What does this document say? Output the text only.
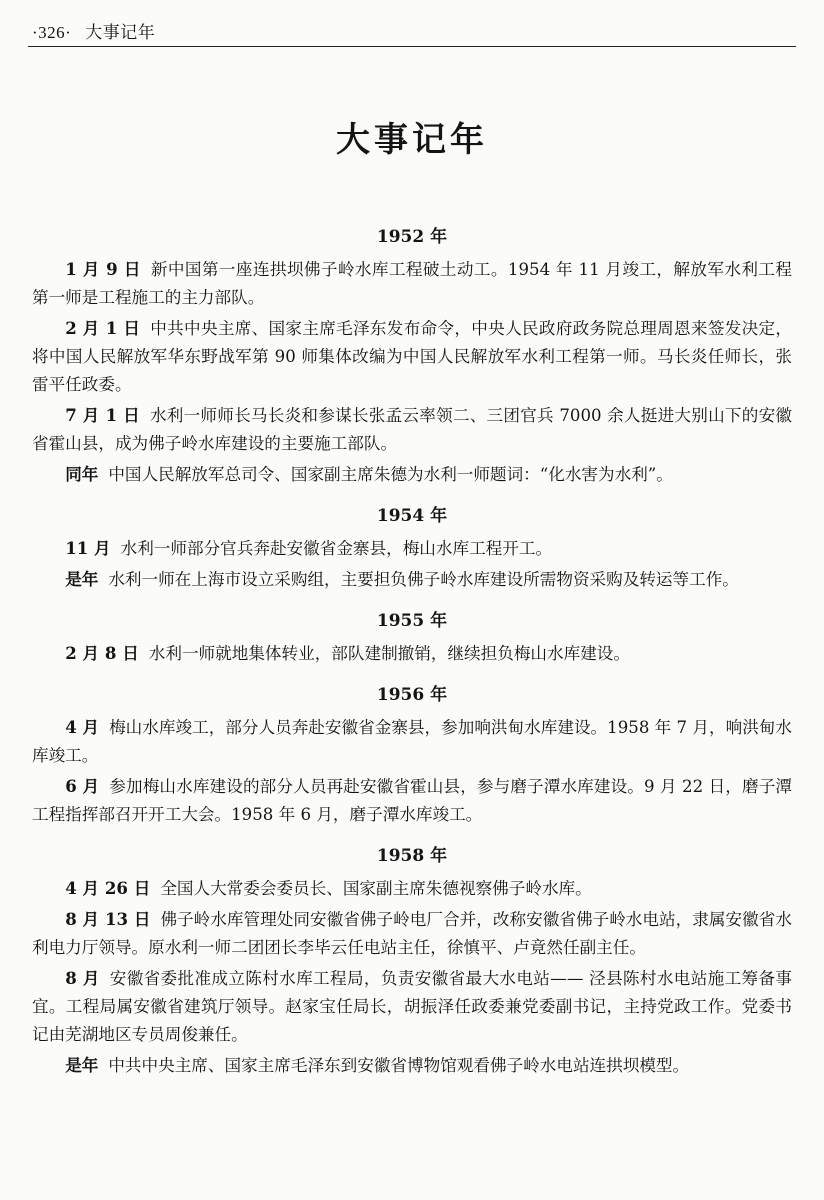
·326· 大事记年
大事记年
1952 年

1 月 9 日 新中国第一座连拱坝佛子岭水库工程破土动工。1954 年 11 月竣工，解放军水利工程第一师是工程施工的主力部队。

2 月 1 日 中共中央主席、国家主席毛泽东发布命令，中央人民政府政务院总理周恩来签发决定，将中国人民解放军华东野战军第 90 师集体改编为中国人民解放军水利工程第一师。马长炎任师长，张雷平任政委。

7 月 1 日 水利一师师长马长炎和参谋长张孟云率领二、三团官兵 7000 余人挺进大别山下的安徽省霍山县，成为佛子岭水库建设的主要施工部队。

同年 中国人民解放军总司令、国家副主席朱德为水利一师题词：“化水害为水利”。

1954 年

11 月 水利一师部分官兵奔赴安徽省金寨县，梅山水库工程开工。

是年 水利一师在上海市设立采购组，主要担负佛子岭水库建设所需物资采购及转运等工作。

1955 年

2 月 8 日 水利一师就地集体转业，部队建制撤销，继续担负梅山水库建设。

1956 年

4 月 梅山水库竣工，部分人员奔赴安徽省金寨县，参加响洪甸水库建设。1958 年 7 月，响洪甸水库竣工。

6 月 参加梅山水库建设的部分人员再赴安徽省霍山县，参与磨子潭水库建设。9 月 22 日，磨子潭工程指挥部召开开工大会。1958 年 6 月，磨子潭水库竣工。

1958 年

4 月 26 日 全国人大常委会委员长、国家副主席朱德视察佛子岭水库。

8 月 13 日 佛子岭水库管理处同安徽省佛子岭电厂合并，改称安徽省佛子岭水电站，隶属安徽省水利电力厅领导。原水利一师二团团长李毕云任电站主任，徐慎平、卢竟然任副主任。

8 月 安徽省委批准成立陈村水库工程局，负责安徽省最大水电站—— 泾县陈村水电站施工筹备事宜。工程局属安徽省建筑厅领导。赵家宝任局长，胡振泽任政委兼党委副书记，主持党政工作。党委书记由芜湖地区专员周俊兼任。

是年 中共中央主席、国家主席毛泽东到安徽省博物馆观看佛子岭水电站连拱坝模型。
